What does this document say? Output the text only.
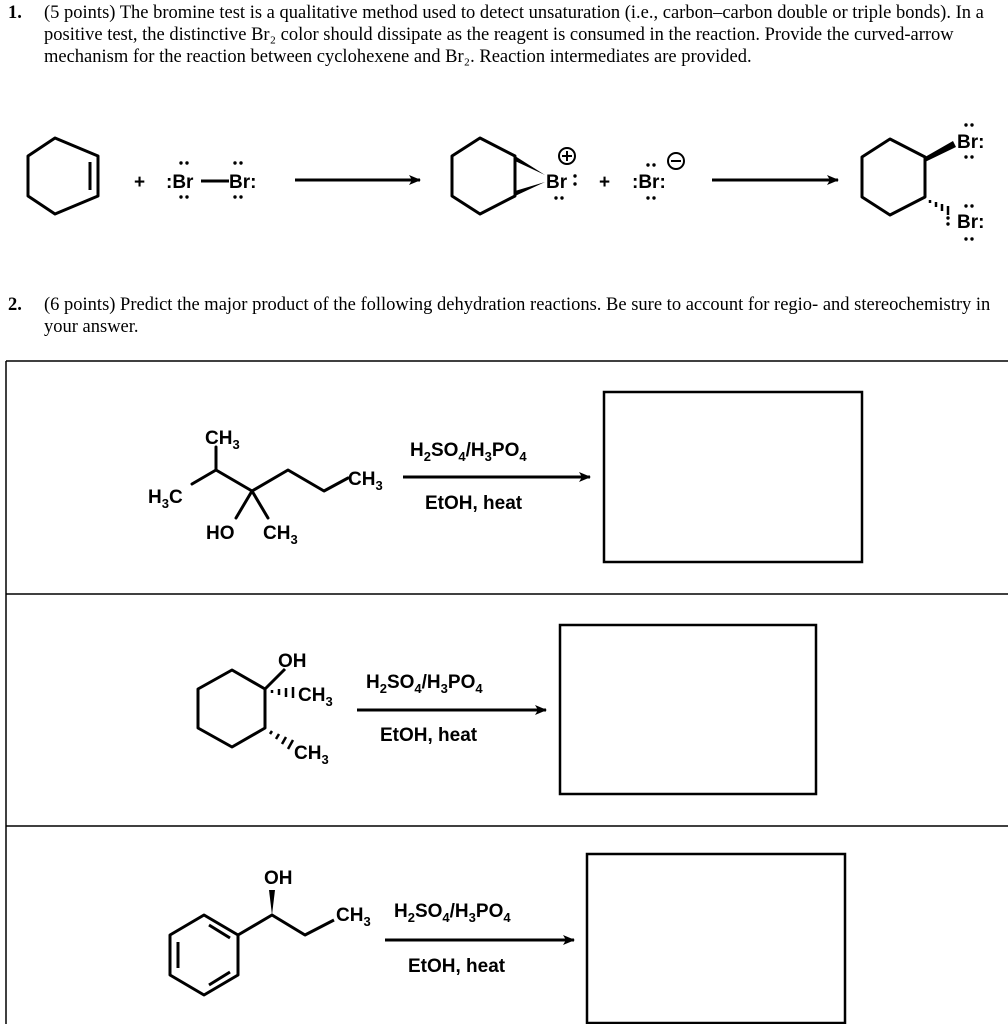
1. (5 points) The bromine test is a qualitative method used to detect unsaturation (i.e., carbon–carbon double or triple bonds). In a positive test, the distinctive Br₂ color should dissipate as the reagent is consumed in the reaction. Provide the curved-arrow mechanism for the reaction between cyclohexene and Br₂. Reaction intermediates are provided.
2. (6 points) Predict the major product of the following dehydration reactions. Be sure to account for regio- and stereochemistry in your answer.
+ :Br Br:	Br + :Br:
Br:
Br:
$CH_3$
$H_3C$
$CH_3$
HO $CH_3$
$H_2SO_4/H_3PO_4$
EtOH, heat
OH
$CH_3$
$CH_3$
$H_2SO_4/H_3PO_4$
EtOH, heat
OH
$CH_3$ $H_2SO_4/H_3PO_4$
EtOH, heat
